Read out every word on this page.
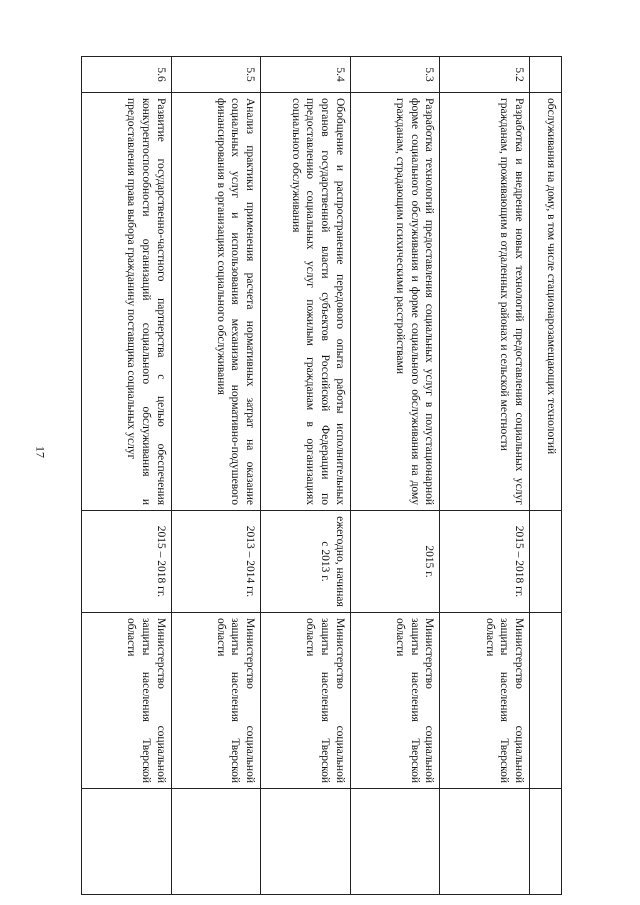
17
		обслуживания на дому, в том числе стационарозамещающих технологий			
5.2	Разработка и внедрение новых технологий предоставления социальных услуг гражданам, проживающим в отдаленных районах и сельской местности	2015 – 2018 гг.	Министерство социальной защиты населения Тверской области	
5.3	Разработка технологий предоставления социальных услуг в полустационарной форме социального обслуживания и форме социального обслуживания на дому гражданам, страдающим психическими расстройствами	2015 г.	Министерство социальной защиты населения Тверской области	
5.4	Обобщение и распространение передового опыта работы исполнительных органов государственной власти субъектов Российской Федерации по предоставлению социальных услуг пожилым гражданам в организациях социального обслуживания	ежегодно, начиная с 2013 г.	Министерство социальной защиты населения Тверской области	
5.5	Анализ практики применения расчета нормативных затрат на оказание социальных услуг и использования механизма нормативно-подушевого финансирования в организациях социального обслуживания	2013 – 2014 гг.	Министерство социальной защиты населения Тверской области	
5.6	Развитие государственно-частного партнерства с целью обеспечения конкурентоспособности организаций социального обслуживания и предоставления права выбора гражданину поставщика социальных услуг	2015 – 2018 гг.	Министерство социальной защиты населения Тверской области	
